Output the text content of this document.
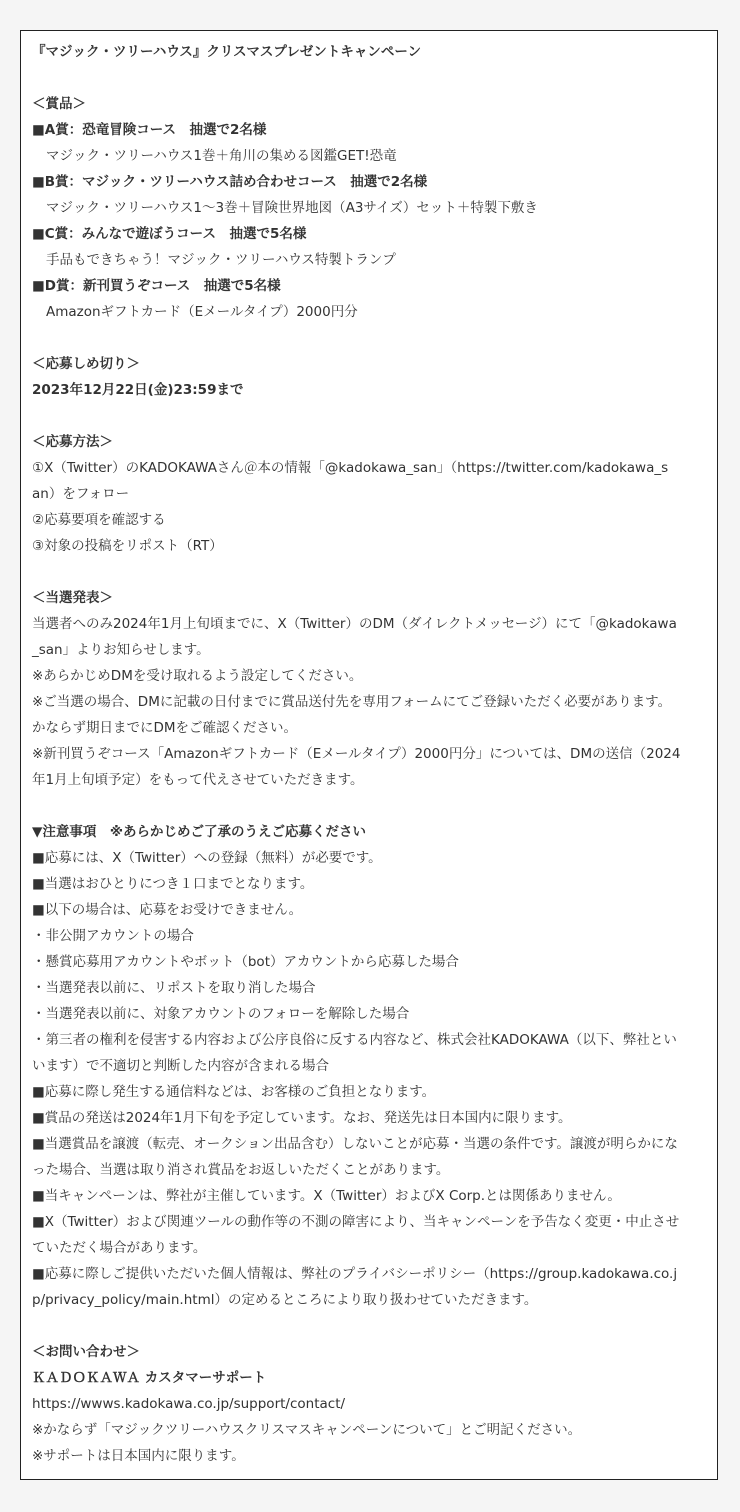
『マジック・ツリーハウス』クリスマスプレゼントキャンペーン
＜賞品＞
■A賞：恐竜冒険コース　抽選で2名様
マジック・ツリーハウス1巻＋角川の集める図鑑GET!恐竜
■B賞：マジック・ツリーハウス詰め合わせコース　抽選で2名様
マジック・ツリーハウス1～3巻＋冒険世界地図（A3サイズ）セット＋特製下敷き
■C賞：みんなで遊ぼうコース　抽選で5名様
手品もできちゃう！マジック・ツリーハウス特製トランプ
■D賞：新刊買うぞコース　抽選で5名様
Amazonギフトカード（Eメールタイプ）2000円分
＜応募しめ切り＞
2023年12月22日(金)23:59まで
＜応募方法＞
①X（Twitter）のKADOKAWAさん＠本の情報「@kadokawa_san」（https://twitter.com/kadokawa_s
an）をフォロー
②応募要項を確認する
③対象の投稿をリポスト（RT）
＜当選発表＞
当選者へのみ2024年1月上旬頃までに、X（Twitter）のDM（ダイレクトメッセージ）にて「@kadokawa
_san」よりお知らせします。
※あらかじめDMを受け取れるよう設定してください。
※ご当選の場合、DMに記載の日付までに賞品送付先を専用フォームにてご登録いただく必要があります。
かならず期日までにDMをご確認ください。
※新刊買うぞコース「Amazonギフトカード（Eメールタイプ）2000円分」については、DMの送信（2024
年1月上旬頃予定）をもって代えさせていただきます。
▼注意事項　※あらかじめご了承のうえご応募ください
■応募には、X（Twitter）への登録（無料）が必要です。
■当選はおひとりにつき１口までとなります。
■以下の場合は、応募をお受けできません。
・非公開アカウントの場合
・懸賞応募用アカウントやボット（bot）アカウントから応募した場合
・当選発表以前に、リポストを取り消した場合
・当選発表以前に、対象アカウントのフォローを解除した場合
・第三者の権利を侵害する内容および公序良俗に反する内容など、株式会社KADOKAWA（以下、弊社とい
います）で不適切と判断した内容が含まれる場合
■応募に際し発生する通信料などは、お客様のご負担となります。
■賞品の発送は2024年1月下旬を予定しています。なお、発送先は日本国内に限ります。
■当選賞品を譲渡（転売、オークション出品含む）しないことが応募・当選の条件です。譲渡が明らかにな
った場合、当選は取り消され賞品をお返しいただくことがあります。
■当キャンペーンは、弊社が主催しています。X（Twitter）およびX Corp.とは関係ありません。
■X（Twitter）および関連ツールの動作等の不測の障害により、当キャンペーンを予告なく変更・中止させ
ていただく場合があります。
■応募に際しご提供いただいた個人情報は、弊社のプライバシーポリシー（https://group.kadokawa.co.j
p/privacy_policy/main.html）の定めるところにより取り扱わせていただきます。
＜お問い合わせ＞
ＫＡＤＯＫＡＷＡ カスタマーサポート
https://wwws.kadokawa.co.jp/support/contact/
※かならず「マジックツリーハウスクリスマスキャンペーンについて」とご明記ください。
※サポートは日本国内に限ります。
